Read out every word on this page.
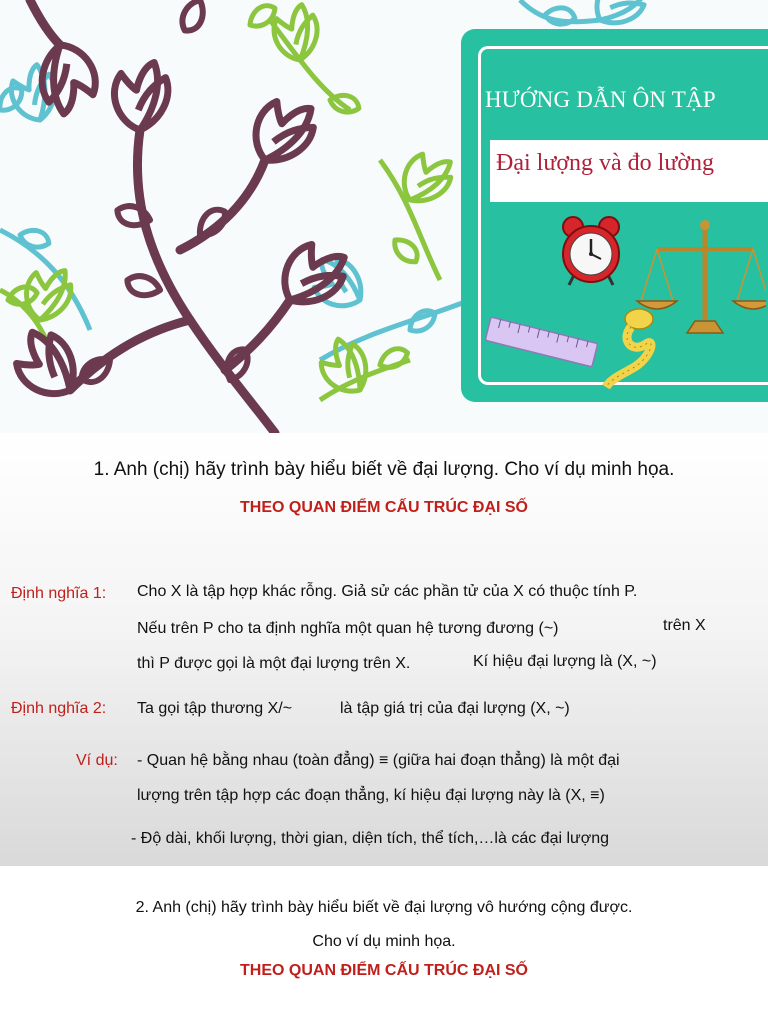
HƯỚNG DẪN ÔN TẬP
Đại lượng và đo lường
1. Anh (chị) hãy trình bày hiểu biết về đại lượng. Cho ví dụ minh họa.
THEO QUAN ĐIỂM CẤU TRÚC ĐẠI SỐ
Định nghĩa 1: Cho X là tập hợp khác rỗng. Giả sử các phần tử của X có thuộc tính P.
Nếu trên P cho ta định nghĩa một quan hệ tương đương (~)	trên X
thì P được gọi là một đại lượng trên X.	Kí hiệu đại lượng là (X, ~)
Định nghĩa 2: Ta gọi tập thương X/~	là tập giá trị của đại lượng (X, ~)
Ví dụ: - Quan hệ bằng nhau (toàn đẳng) ≡ (giữa hai đoạn thẳng) là một đại
lượng trên tập hợp các đoạn thẳng, kí hiệu đại lượng này là (X, ≡)
- Độ dài, khối lượng, thời gian, diện tích, thể tích,…là các đại lượng
2. Anh (chị) hãy trình bày hiểu biết về đại lượng vô hướng cộng được.
Cho ví dụ minh họa.
THEO QUAN ĐIỂM CẤU TRÚC ĐẠI SỐ
